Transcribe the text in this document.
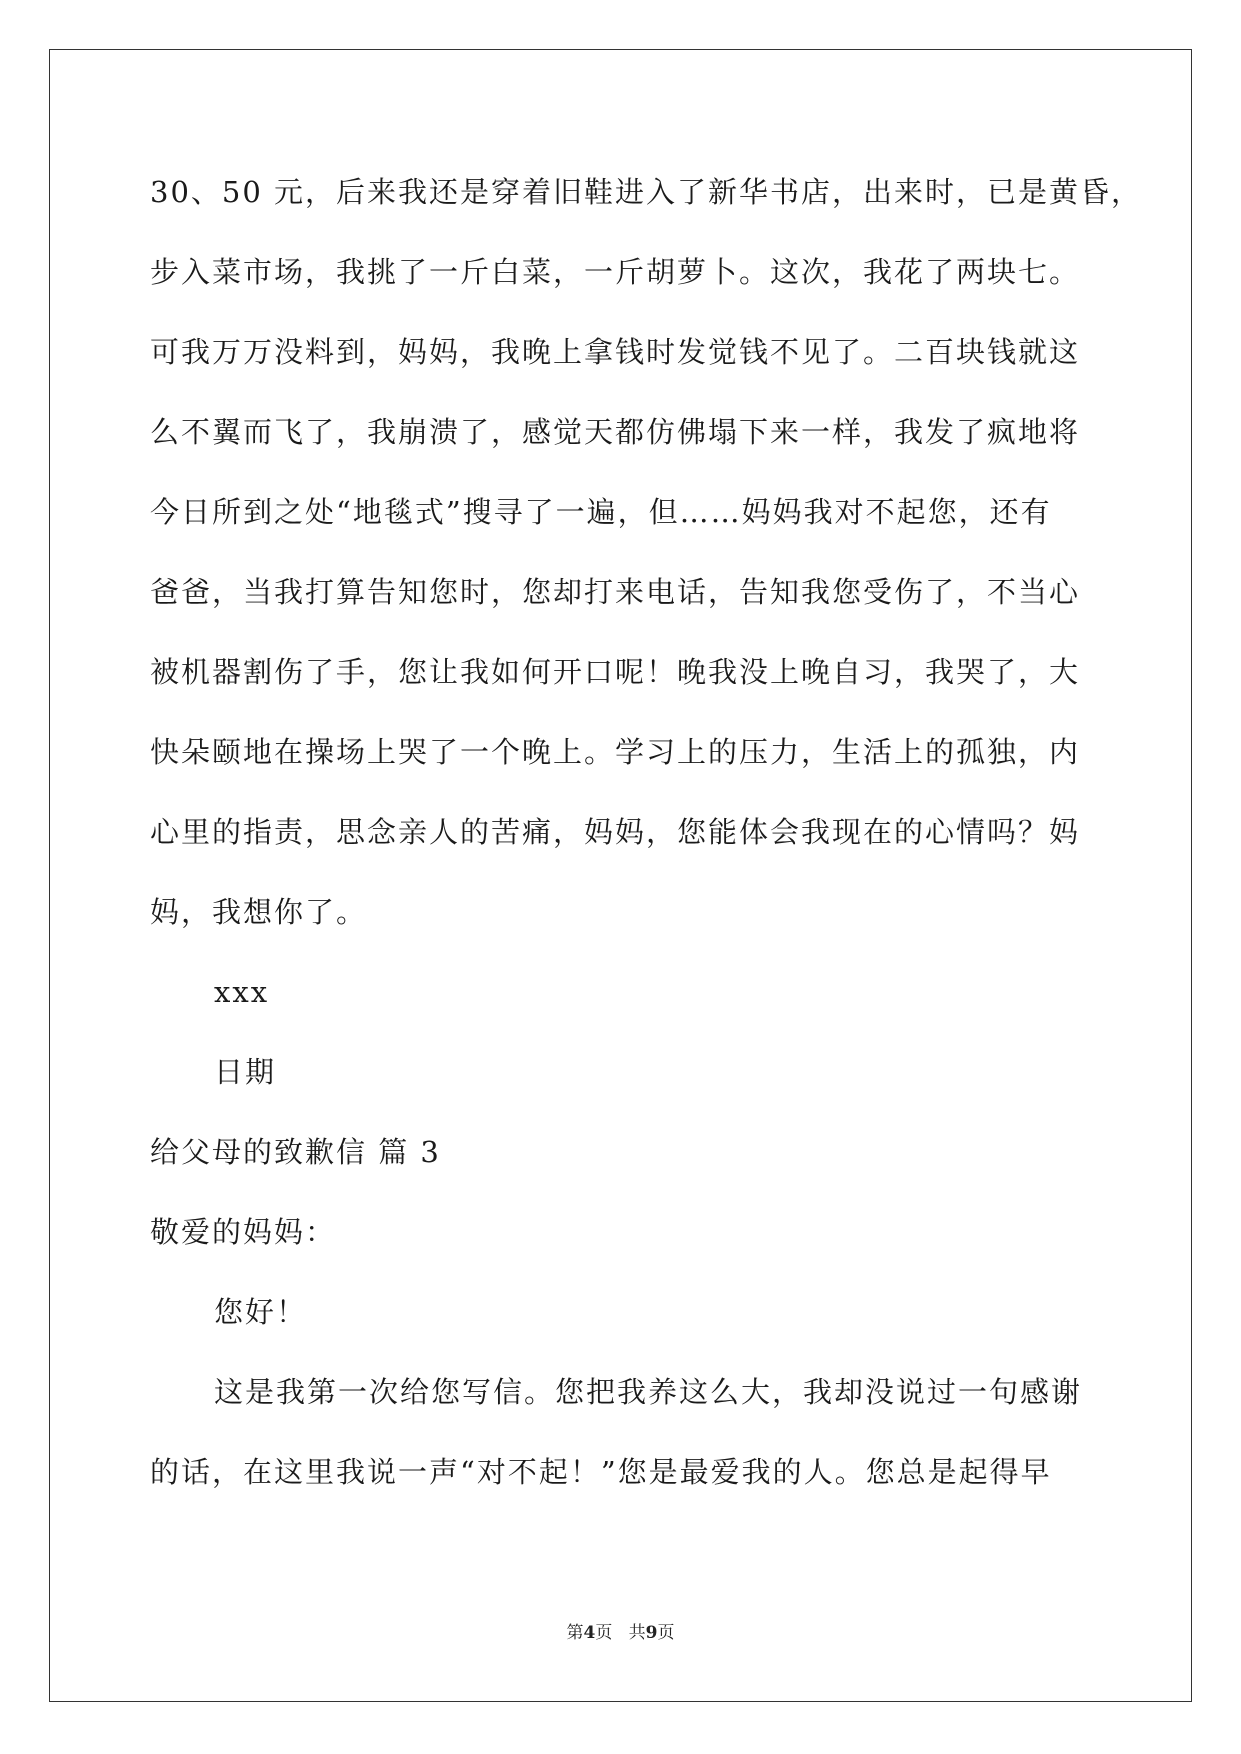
30、50 元，后来我还是穿着旧鞋进入了新华书店，出来时，已是黄昏，
步入菜市场，我挑了一斤白菜，一斤胡萝卜。这次，我花了两块七。
可我万万没料到，妈妈，我晚上拿钱时发觉钱不见了。二百块钱就这
么不翼而飞了，我崩溃了，感觉天都仿佛塌下来一样，我发了疯地将
今日所到之处“地毯式”搜寻了一遍，但……妈妈我对不起您，还有
爸爸，当我打算告知您时，您却打来电话，告知我您受伤了，不当心
被机器割伤了手，您让我如何开口呢！晚我没上晚自习，我哭了，大
快朵颐地在操场上哭了一个晚上。学习上的压力，生活上的孤独，内
心里的指责，思念亲人的苦痛，妈妈，您能体会我现在的心情吗？妈
妈，我想你了。
xxx
日期
给父母的致歉信 篇 3
敬爱的妈妈：
您好！
这是我第一次给您写信。您把我养这么大，我却没说过一句感谢
的话，在这里我说一声“对不起！”您是最爱我的人。您总是起得早
第4页 共9页
